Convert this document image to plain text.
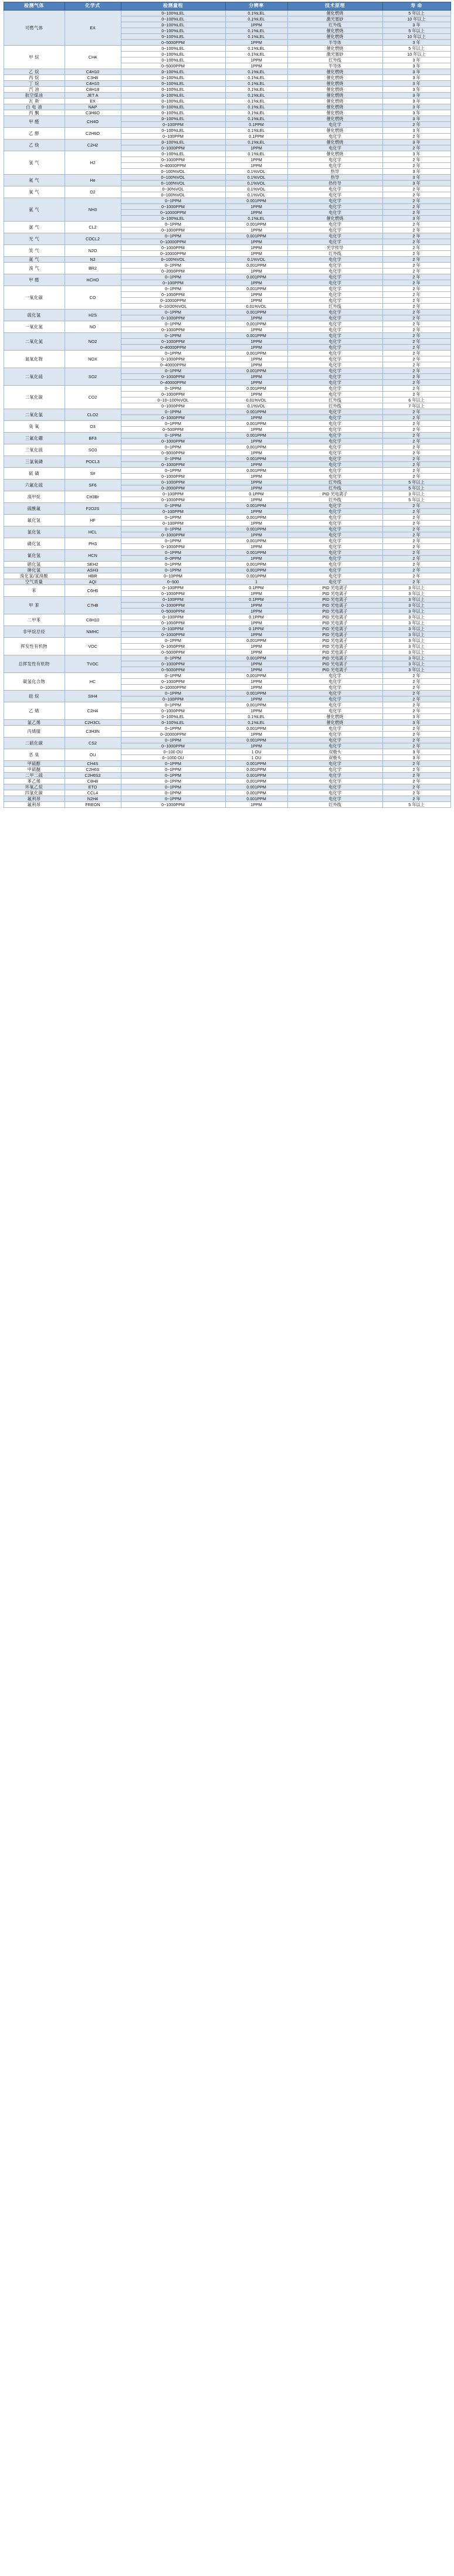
检测气体	化学式	检测量程	分辨率	技术原理	寿 命
可燃气体	EX	0~100%LEL	0.1%LEL	催化燃烧	5 年以上
		0~100%LEL	0.1%LEL	激光塞砂	10 年以上
		0~100%LEL	1PPM	红外线	3 年
		0~100%LEL	0.1%LEL	催化燃烧	5 年以上
		0~100%LEL	0.1%LEL	催化燃烧	10 年以上
		0~5000PPM	1PPM	半导体	3 年
甲 烷	CH4	0~100%LEL	0.1%LEL	催化燃烧	5 年以上
		0~100%LEL	0.1%LEL	激光塞砂	10 年以上
		0~100%LEL	1PPM	红外线	3 年
		0~5000PPM	1PPM	半导体	3 年
乙 烷	C4H10	0~100%LEL	0.1%LEL	催化燃烧	3 年
丙 烷	C3H8	0~100%LEL	0.1%LEL	催化燃烧	3 年
丁 烷	C4H10	0~100%LEL	0.1%LEL	催化燃烧	3 年
汽 油	C8H18	0~100%LEL	0.1%LEL	催化燃烧	3 年
航空煤油	JET A	0~100%LEL	0.1%LEL	催化燃烧	3 年
瓦 斯	EX	0~100%LEL	0.1%LEL	催化燃烧	3 年
白 电 油	NAP	0~100%LEL	0.1%LEL	催化燃烧	3 年
丙 酮	C3H6O	0~100%LEL	0.1%LEL	催化燃烧	3 年
甲 醛	CH4O	0~100%LEL	0.1%LEL	催化燃烧	3 年
		0~100PPM	0.1PPM	电化学	2 年
乙 醇	C2H6O	0~100%LEL	0.1%LEL	催化燃烧	3 年
		0~100PPM	0.1PPM	电化学	2 年
乙 炔	C2H2	0~100%LEL	0.1%LEL	催化燃烧	3 年
		0~1000PPM	1PPM	电化学	2 年
氢 气	H2	0~100%LEL	0.1%LEL	催化燃烧	3 年
		0~1000PPM	1PPM	电化学	2 年
		0~40000PPM	1PPM	电化学	2 年
		0~100%VOL	0.1%VOL	热导	3 年
氦 气	He	0~100%VOL	0.1%VOL	热导	3 年
		0~100%VOL	0.1%VOL	热传导	3 年
氧 气	O2	0~30%VOL	0.1%VOL	电化学	2 年
		0~100%VOL	0.1%VOL	电化学	2 年
氨 气	NH3	0~1PPM	0.001PPM	电化学	2 年
		0~1000PPM	1PPM	电化学	2 年
		0~10000PPM	1PPM	电化学	2 年
		0~100%LEL	0.1%LEL	催化燃烧	3 年
氯 气	CL2	0~1PPM	0.001PPM	电化学	2 年
		0~1000PPM	1PPM	电化学	2 年
光 气	COCL2	0~1PPM	0.001PPM	电化学	2 年
		0~10000PPM	1PPM	电化学	2 年
笑 气	N2O	0~1000PPM	1PPM	光学传导	2 年
		0~10000PPM	1PPM	红外线	2 年
氮 气	N2	0~100%VOL	0.1%VOL	电化学	2 年
溴 气	BR2	0~1PPM	0.001PPM	电化学	2 年
		0~2000PPM	1PPM	电化学	2 年
甲 醛	HCHO	0~1PPM	0.001PPM	电化学	2 年
		0~100PPM	1PPM	电化学	2 年
一氧化碳	CO	0~1PPM	0.001PPM	电化学	2 年
		0~1000PPM	1PPM	电化学	2 年
		0~10000PPM	1PPM	电化学	2 年
		0~10/20%VOL	0.01%VOL	红外线	2 年
硫化氢	H2S	0~1PPM	0.001PPM	电化学	2 年
		0~1000PPM	1PPM	电化学	2 年
一氧化氮	NO	0~1PPM	0.001PPM	电化学	2 年
		0~1000PPM	1PPM	电化学	2 年
二氧化氮	NO2	0~1PPM	0.001PPM	电化学	2 年
		0~1000PPM	1PPM	电化学	2 年
		0~40000PPM	1PPM	电化学	2 年
氮氧化物	NOX	0~1PPM	0.001PPM	电化学	2 年
		0~1000PPM	1PPM	电化学	2 年
		0~40000PPM	1PPM	电化学	2 年
二氧化硫	SO2	0~1PPM	0.001PPM	电化学	2 年
		0~1000PPM	1PPM	电化学	2 年
		0~40000PPM	1PPM	电化学	2 年
二氧化碳	CO2	0~1PPM	0.001PPM	电化学	2 年
		0~1000PPM	1PPM	电化学	2 年
		0~10~100%VOL	0.01%VOL	红外线	6 年以上
		0~1000PPM	0.1%VOL	红外线	7 年以上
二氧化氯	CLO2	0~1PPM	0.001PPM	电化学	2 年
		0~1000PPM	1PPM	电化学	2 年
臭 氧	O3	0~1PPM	0.001PPM	电化学	2 年
		0~500PPM	1PPM	电化学	2 年
三氟化硼	BF3	0~1PPM	0.001PPM	电化学	2 年
		0~1000PPM	1PPM	电化学	2 年
三氧化硫	SO3	0~1PPM	0.001PPM	电化学	2 年
		0~5000PPM	1PPM	电化学	2 年
三氯氧磷	POCL3	0~1PPM	0.001PPM	电化学	2 年
		0~1000PPM	1PPM	电化学	2 年
硫 磺	S#	0~1PPM	0.001PPM	电化学	2 年
		0~1000PPM	1PPM	电化学	2 年
六氟化硫	SF6	0~1000PPM	1PPM	红外线	5 年以上
		0~2000PPM	1PPM	红外线	5 年以上
溴甲烷	CH3Br	0~100PPM	0.1PPM	PID 光电离子	3 年以上
		0~1000PPM	1PPM	红外线	5 年以上
硫酰氟	F2O2S	0~1PPM	0.001PPM	电化学	2 年
		0~100PPM	1PPM	电化学	2 年
氟化氢	HF	0~1PPM	0.001PPM	电化学	2 年
		0~100PPM	1PPM	电化学	2 年
氯化氢	HCL	0~1PPM	0.001PPM	电化学	2 年
		0~1000PPM	1PPM	电化学	2 年
磷化氢	PH3	0~1PPM	0.001PPM	电化学	2 年
		0~1000PPM	1PPM	电化学	2 年
氰化氢	HCN	0~1PPM	0.001PPM	电化学	2 年
		0~0PPM	1PPM	电化学	2 年
硒化氢	SEH2	0~1PPM	0.001PPM	电化学	2 年
砷化氢	ASH3	0~1PPM	0.001PPM	电化学	2 年
溴化氢/氢溴酸	HBR	0~10PPM	0.001PPM	电化学	2 年
空气质量	AQI	0~500	1	电化学	2 年
苯	C6H6	0~100PPM	0.1PPM	PID 光电离子	3 年以上
		0~1000PPM	1PPM	PID 光电离子	3 年以上
甲 苯	C7H8	0~100PPM	0.1PPM	PID 光电离子	3 年以上
		0~1000PPM	1PPM	PID 光电离子	3 年以上
		0~5000PPM	1PPM	PID 光电离子	3 年以上
二甲苯	C8H10	0~100PPM	0.1PPM	PID 光电离子	3 年以上
		0~1000PPM	1PPM	PID 光电离子	3 年以上
非甲烷总烃	NMHC	0~100PPM	0.1PPM	PID 光电离子	3 年以上
		0~1000PPM	1PPM	PID 光电离子	3 年以上
挥发性有机物	VOC	0~1PPM	0.001PPM	PID 光电离子	3 年以上
		0~1000PPM	1PPM	PID 光电离子	3 年以上
		0~5000PPM	1PPM	PID 光电离子	3 年以上
总挥发性有机物	TVOC	0~1PPM	0.001PPM	PID 光电离子	3 年以上
		0~1000PPM	1PPM	PID 光电离子	3 年以上
		0~5000PPM	1PPM	PID 光电离子	3 年以上
碳氢化合物	HC	0~1PPM	0.001PPM	电化学	2 年
		0~1000PPM	1PPM	电化学	2 年
		0~10000PPM	1PPM	电化学	2 年
硅 烷	SIH4	0~1PPM	0.001PPM	电化学	2 年
		0~100PPM	1PPM	电化学	2 年
乙 烯	C2H4	0~1PPM	0.001PPM	电化学	2 年
		0~1000PPM	1PPM	电化学	2 年
		0~100%LEL	0.1%LEL	催化燃烧	3 年
氯乙烯	C2H3CL	0~100%LEL	0.1%LEL	催化燃烧	3 年
丙烯腈	C3H3N	0~1PPM	0.001PPM	电化学	2 年
		0~20000PPM	1PPM	电化学	2 年
二硫化碳	CS2	0~1PPM	0.001PPM	电化学	2 年
		0~1000PPM	1PPM	电化学	2 年
恶 臭	OU	0~100 OU	1 OU	双极头	3 年
		0~1000 OU	1 OU	双极头	3 年
甲硫醇	CH4S	0~1PPM	0.001PPM	电化学	2 年
甲硫醚	C2H6S	0~1PPM	0.001PPM	电化学	2 年
二甲二硫	C2H6S2	0~1PPM	0.001PPM	电化学	2 年
苯乙烯	C8H8	0~1PPM	0.001PPM	电化学	2 年
环氧乙烷	ETO	0~1PPM	0.001PPM	电化学	2 年
四氯化碳	CCL4	0~1PPM	0.001PPM	电化学	2 年
氟利昂	N2H4	0~1PPM	0.001PPM	电化学	2 年
氟利昂	FREON	0~1000PPM	1PPM	红外线	5 年以上
